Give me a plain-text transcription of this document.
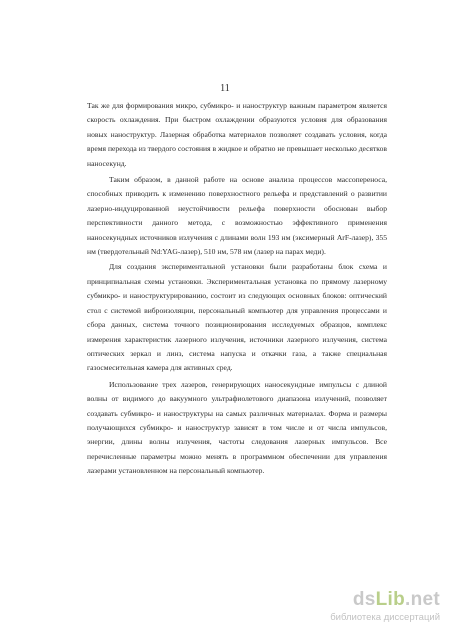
11

Так же для формирования микро, субмикро- и наноструктур важным параметром является скорость охлаждения. При быстром охлаждении образуются условия для образования новых наноструктур. Лазерная обработка материалов позволяет создавать условия, когда время перехода из твердого состояния в жидкое и обратно не превышает несколько десятков наносекунд.

Таким образом, в данной работе на основе анализа процессов массопереноса, способных приводить к изменению поверхностного рельефа и представлений о развитии лазерно-индуцированной неустойчивости рельефа поверхности обоснован выбор перспективности данного метода, с возможностью эффективного применения наносекундных источников излучения с длинами волн 193 нм (эксимерный ArF-лазер), 355 нм (твердотельный Nd:YAG-лазер), 510 нм, 578 нм (лазер на парах меди).

Для создания экспериментальной установки были разработаны блок схема и принципиальная схемы установки. Экспериментальная установка по прямому лазерному субмикро- и наноструктурированию, состоит из следующих основных блоков: оптический стол с системой виброизоляции, персональный компьютер для управления процессами и сбора данных, система точного позиционирования исследуемых образцов, комплекс измерения характеристик лазерного излучения, источники лазерного излучения, система оптических зеркал и линз, система напуска и откачки газа, а также специальная газосмесительная камера для активных сред.

Использование трех лазеров, генерирующих наносекундные импульсы с длиной волны от видимого до вакуумного ультрафиолетового диапазона излучений, позволяет создавать субмикро- и наноструктуры на самых различных материалах. Форма и размеры получающихся субмикро- и наноструктур зависят в том числе и от числа импульсов, энергии, длины волны излучения, частоты следования лазерных импульсов. Все перечисленные параметры можно менять в программном обеспечении для управления лазерами установленном на персональный компьютер.

dsLib.net
библиотека диссертаций
